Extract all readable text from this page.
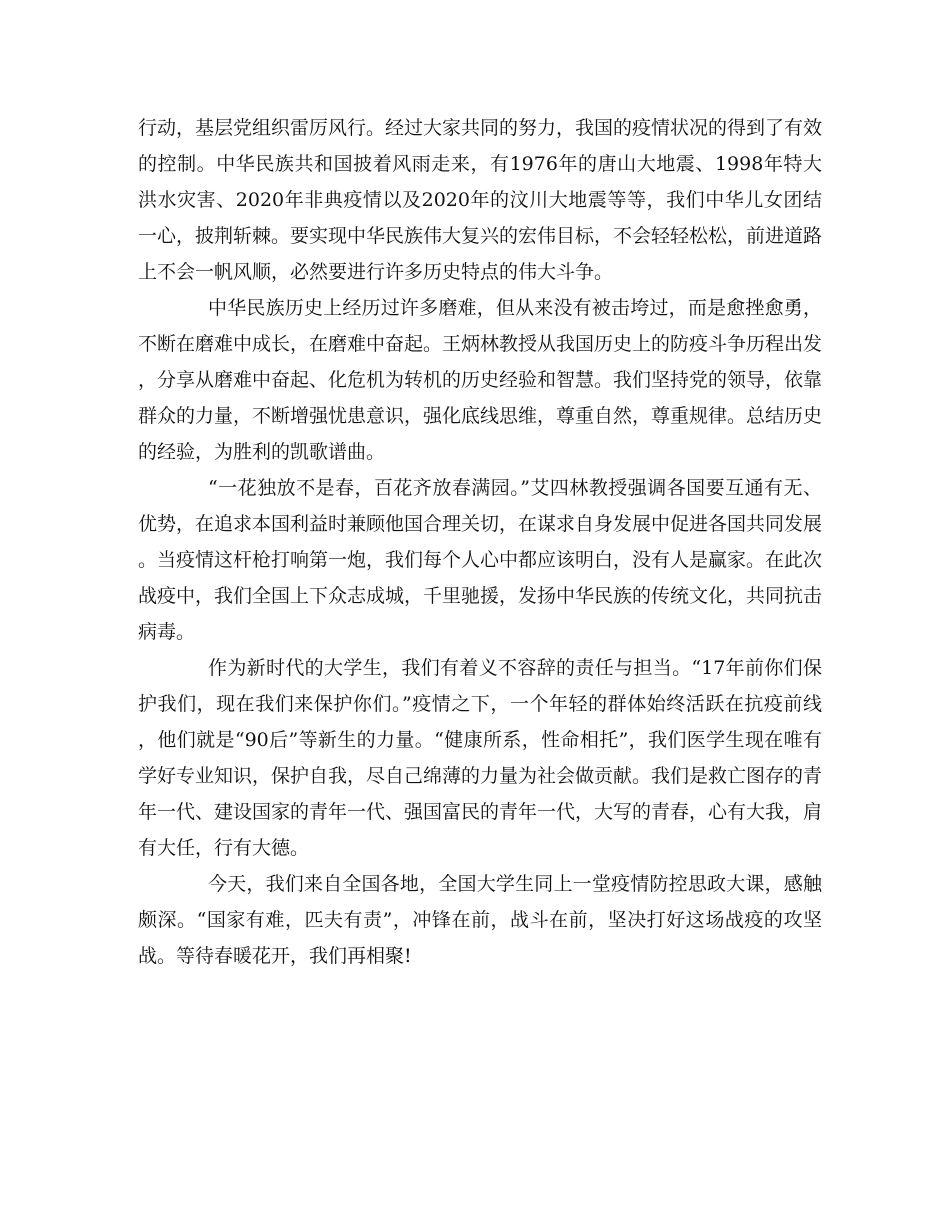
行动，基层党组织雷厉风行。经过大家共同的努力，我国的疫情状况的得到了有效的控制。中华民族共和国披着风雨走来，有1976年的唐山大地震、1998年特大洪水灾害、2020年非典疫情以及2020年的汶川大地震等等，我们中华儿女团结一心，披荆斩棘。要实现中华民族伟大复兴的宏伟目标，不会轻轻松松，前进道路上不会一帆风顺，必然要进行许多历史特点的伟大斗争。

中华民族历史上经历过许多磨难，但从来没有被击垮过，而是愈挫愈勇，不断在磨难中成长，在磨难中奋起。王炳林教授从我国历史上的防疫斗争历程出发，分享从磨难中奋起、化危机为转机的历史经验和智慧。我们坚持党的领导，依靠群众的力量，不断增强忧患意识，强化底线思维，尊重自然，尊重规律。总结历史的经验，为胜利的凯歌谱曲。

“一花独放不是春，百花齐放春满园。”艾四林教授强调各国要互通有无、优势，在追求本国利益时兼顾他国合理关切，在谋求自身发展中促进各国共同发展。当疫情这杆枪打响第一炮，我们每个人心中都应该明白，没有人是赢家。在此次战疫中，我们全国上下众志成城，千里驰援，发扬中华民族的传统文化，共同抗击病毒。

作为新时代的大学生，我们有着义不容辞的责任与担当。“17年前你们保护我们，现在我们来保护你们。”疫情之下，一个年轻的群体始终活跃在抗疫前线，他们就是“90后”等新生的力量。“健康所系，性命相托”，我们医学生现在唯有学好专业知识，保护自我，尽自己绵薄的力量为社会做贡献。我们是救亡图存的青年一代、建设国家的青年一代、强国富民的青年一代，大写的青春，心有大我，肩有大任，行有大德。

今天，我们来自全国各地，全国大学生同上一堂疫情防控思政大课，感触颇深。“国家有难，匹夫有责”，冲锋在前，战斗在前，坚决打好这场战疫的攻坚战。等待春暖花开，我们再相聚!
